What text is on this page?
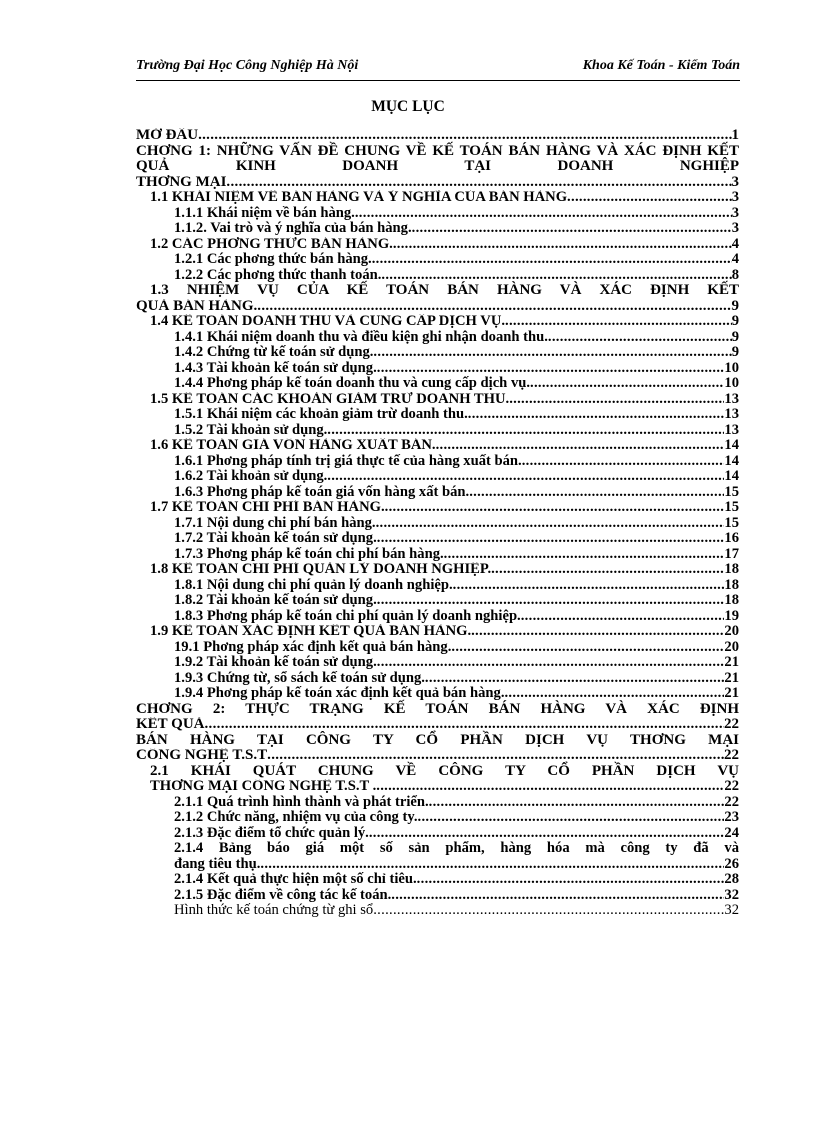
Trường Đại Học Công Nghiệp Hà Nội	Khoa Kế Toán - Kiểm Toán
MỤC LỤC
MỞ ĐẦU .....	1
CHƠNG 1: NHỮNG VẤN ĐỀ CHUNG VỀ KẾ TOÁN BÁN HÀNG VÀ XÁC ĐỊNH KẾT QUẢ KINH DOANH TẠI DOANH NGHIỆP
THƠNG MẠI .....	3
1.1 KHÁI NIỆM VỀ BÁN HÀNG VÀ Ý NGHĨA CỦA BÁN HÀNG .....	3
1.1.1 Khái niệm về bán hàng. .....	3
1.1.2. Vai trò và ý nghĩa của bán hàng. .....	3
1.2 CÁC PHƠNG THỨC BÁN HÀNG. .....	4
1.2.1 Các phơng thức bán hàng. .....	4
1.2.2 Các phơng thức thanh toán. .....	8
1.3 NHIỆM VỤ CỦA KẾ TOÁN BÁN HÀNG VÀ XÁC ĐỊNH KẾT
QUẢ BÁN HÀNG. .....	9
1.4 KẾ TOÁN DOANH THU VÀ CUNG CẤP DỊCH VỤ. .....	9
1.4.1 Khái niệm doanh thu và điều kiện ghi nhận doanh thu. .....	9
1.4.2 Chứng từ kế toán sử dụng. .....	9
1.4.3 Tài khoản kế toán sử dụng. .....	10
1.4.4 Phơng pháp kế toán doanh thu và cung cấp dịch vụ. .....	10
1.5 KẾ TOÁN CÁC KHOẢN GIẢM TRỪ DOANH THU. .....	13
1.5.1 Khái niệm các khoản giảm trừ doanh thu. .....	13
1.5.2 Tài khoản sử dụng. .....	13
1.6 KẾ TOÁN GIÁ VỐN HÀNG XUẤT BÁN. .....	14
1.6.1 Phơng pháp tính trị giá thực tế của hàng xuất bán. .....	14
1.6.2 Tài khoản sử dụng. .....	14
1.6.3 Phơng pháp kế toán giá vốn hàng xất bán. .....	15
1.7 KẾ TOÁN CHI PHÍ BÁN HÀNG. .....	15
1.7.1 Nội dung chi phí bán hàng. .....	15
1.7.2 Tài khoản kế toán sử dụng. .....	16
1.7.3 Phơng pháp kế toán chi phí bán hàng. .....	17
1.8 KẾ TOÁN CHI PHÍ QUẢN LÝ DOANH NGHIỆP. .....	18
1.8.1 Nội dung chi phí quản lý doanh nghiệp. .....	18
1.8.2 Tài khoản kế toán sử dụng. .....	18
1.8.3 Phơng pháp kế toán chi phí quản lý doanh nghiệp. .....	19
1.9 KẾ TOÁN XÁC ĐỊNH KẾT QUẢ BÁN HÀNG. .....	20
19.1 Phơng pháp xác định kết quả bán hàng. .....	20
1.9.2 Tài khoản kế toán sử dụng. .....	21
1.9.3 Chứng từ, sổ sách kế toán sử dụng. .....	21
1.9.4 Phơng pháp kế toán xác định kết quả bán hàng. .....	21
CHƠNG 2: THỰC TRẠNG KẾ TOÁN BÁN HÀNG VÀ XÁC ĐỊNH
KẾT QUẢ .....	22
BÁN HÀNG TẠI CÔNG TY CỔ PHẦN DỊCH VỤ THƠNG MẠI
CÔNG NGHỆ T.S.T .....	22
2.1 KHÁI QUÁT CHUNG VỀ CÔNG TY CỔ PHẦN DỊCH VỤ
THƠNG MẠI CÔNG NGHỆ T.S.T . .....	22
2.1.1 Quá trình hình thành và phát triển. .....	22
2.1.2 Chức năng, nhiệm vụ của công ty. .....	23
2.1.3 Đặc điểm tổ chức quản lý. .....	24
2.1.4 Bảng báo giá một số sản phẩm, hàng hóa mà công ty đã và
đang tiêu thụ. .....	26
2.1.4 Kết quả thực hiện một số chỉ tiêu. .....	28
2.1.5 Đặc điểm về công tác kế toán. .....	32
Hình thức kế toán chứng từ ghi sổ .....	32
